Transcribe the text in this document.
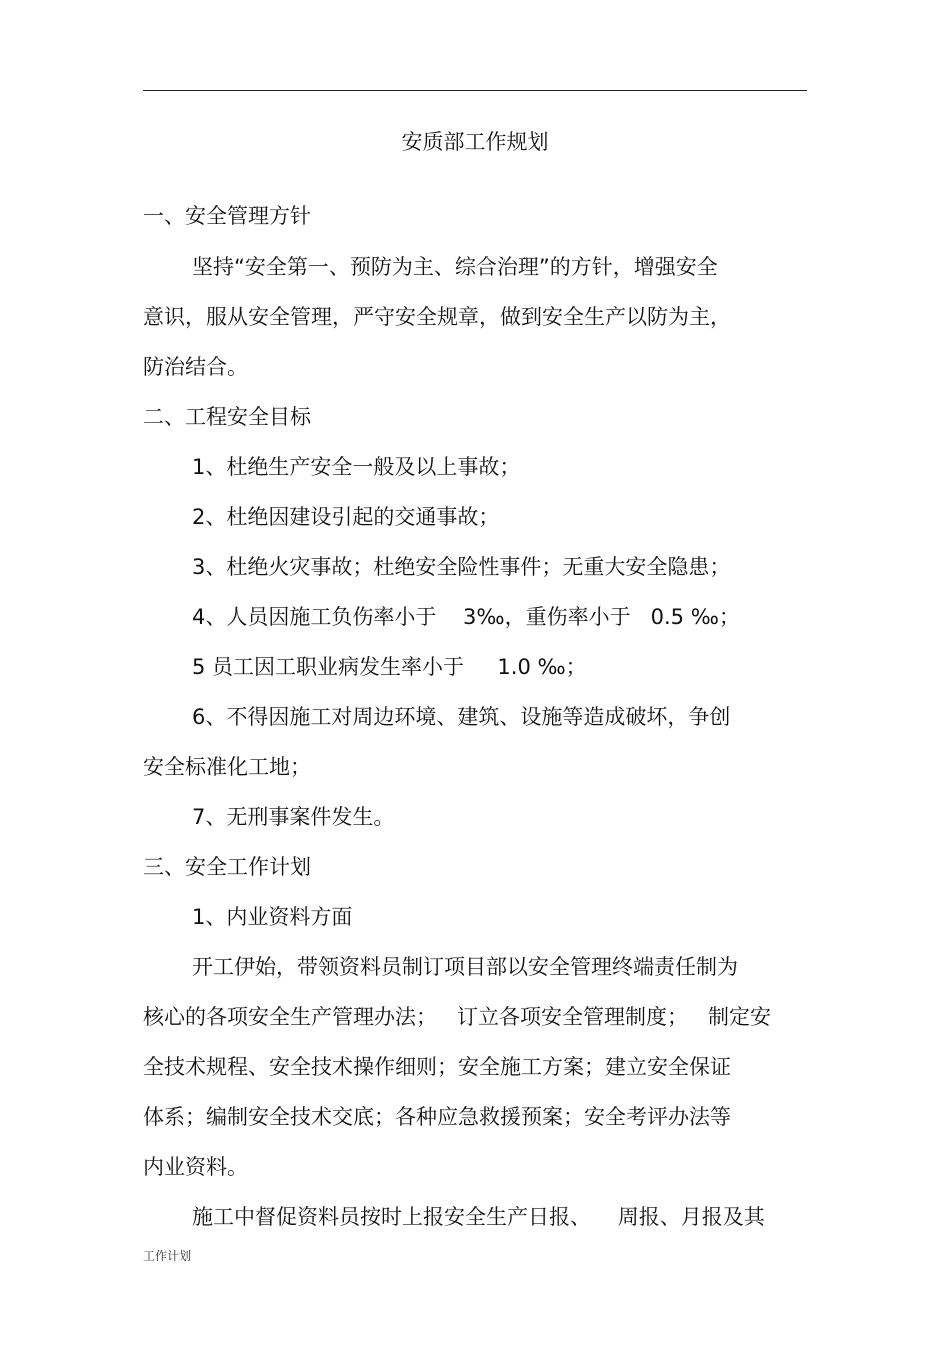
安质部工作规划
一、安全管理方针
坚持“安全第一、预防为主、综合治理”的方针，增强安全
意识，服从安全管理，严守安全规章，做到安全生产以防为主，
防治结合。
二、工程安全目标
1、杜绝生产安全一般及以上事故；
2、杜绝因建设引起的交通事故；
3、杜绝火灾事故；杜绝安全险性事件；无重大安全隐患；
4、人员因施工负伤率小于    3‰，重伤率小于   0.5 ‰；
5 员工因工职业病发生率小于     1.0 ‰；
6、不得因施工对周边环境、建筑、设施等造成破坏，争创
安全标准化工地；
7、无刑事案件发生。
三、安全工作计划
1、内业资料方面
开工伊始，带领资料员制订项目部以安全管理终端责任制为
核心的各项安全生产管理办法；   订立各项安全管理制度；   制定安
全技术规程、安全技术操作细则；安全施工方案；建立安全保证
体系；编制安全技术交底；各种应急救援预案；安全考评办法等
内业资料。
施工中督促资料员按时上报安全生产日报、    周报、月报及其
工作计划
